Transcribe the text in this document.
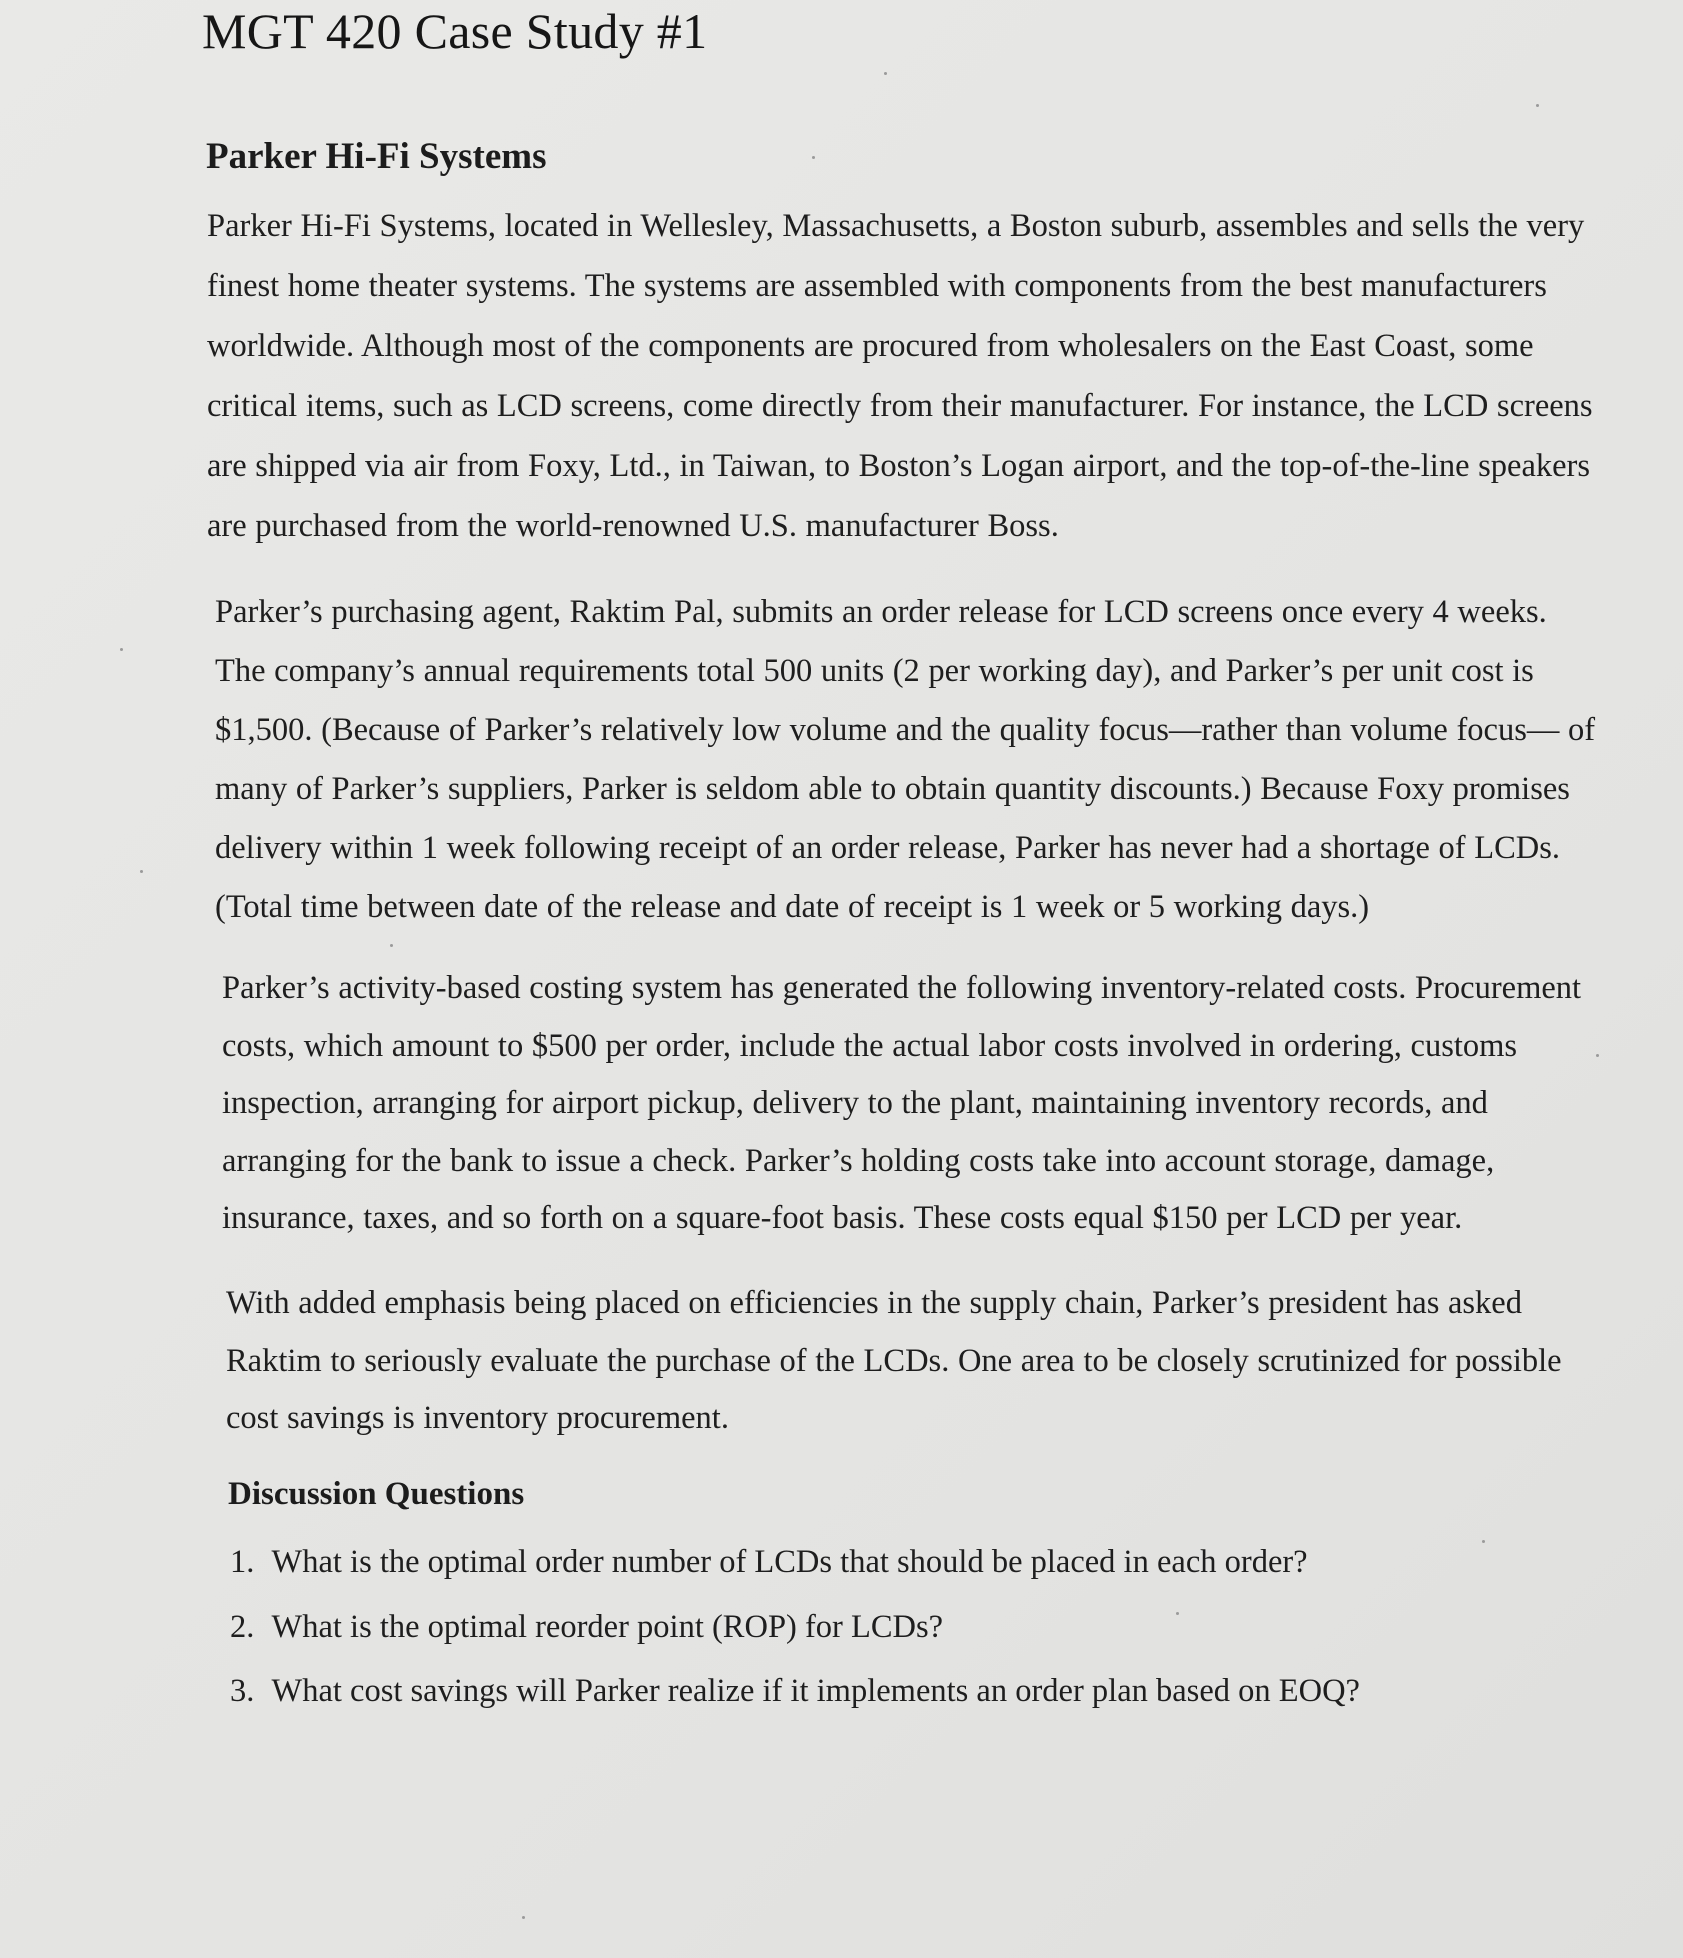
MGT 420 Case Study #1
Parker Hi-Fi Systems

Parker Hi-Fi Systems, located in Wellesley, Massachusetts, a Boston suburb, assembles and sells the very
finest home theater systems. The systems are assembled with components from the best manufacturers
worldwide. Although most of the components are procured from wholesalers on the East Coast, some
critical items, such as LCD screens, come directly from their manufacturer. For instance, the LCD screens
are shipped via air from Foxy, Ltd., in Taiwan, to Boston’s Logan airport, and the top-of-the-line speakers
are purchased from the world-renowned U.S. manufacturer Boss.

Parker’s purchasing agent, Raktim Pal, submits an order release for LCD screens once every 4 weeks.
The company’s annual requirements total 500 units (2 per working day), and Parker’s per unit cost is
$1,500. (Because of Parker’s relatively low volume and the quality focus—rather than volume focus— of
many of Parker’s suppliers, Parker is seldom able to obtain quantity discounts.) Because Foxy promises
delivery within 1 week following receipt of an order release, Parker has never had a shortage of LCDs.
(Total time between date of the release and date of receipt is 1 week or 5 working days.)

Parker’s activity-based costing system has generated the following inventory-related costs. Procurement
costs, which amount to $500 per order, include the actual labor costs involved in ordering, customs
inspection, arranging for airport pickup, delivery to the plant, maintaining inventory records, and
arranging for the bank to issue a check. Parker’s holding costs take into account storage, damage,
insurance, taxes, and so forth on a square-foot basis. These costs equal $150 per LCD per year.

With added emphasis being placed on efficiencies in the supply chain, Parker’s president has asked
Raktim to seriously evaluate the purchase of the LCDs. One area to be closely scrutinized for possible
cost savings is inventory procurement.

Discussion Questions
1. What is the optimal order number of LCDs that should be placed in each order?
2. What is the optimal reorder point (ROP) for LCDs?
3. What cost savings will Parker realize if it implements an order plan based on EOQ?
